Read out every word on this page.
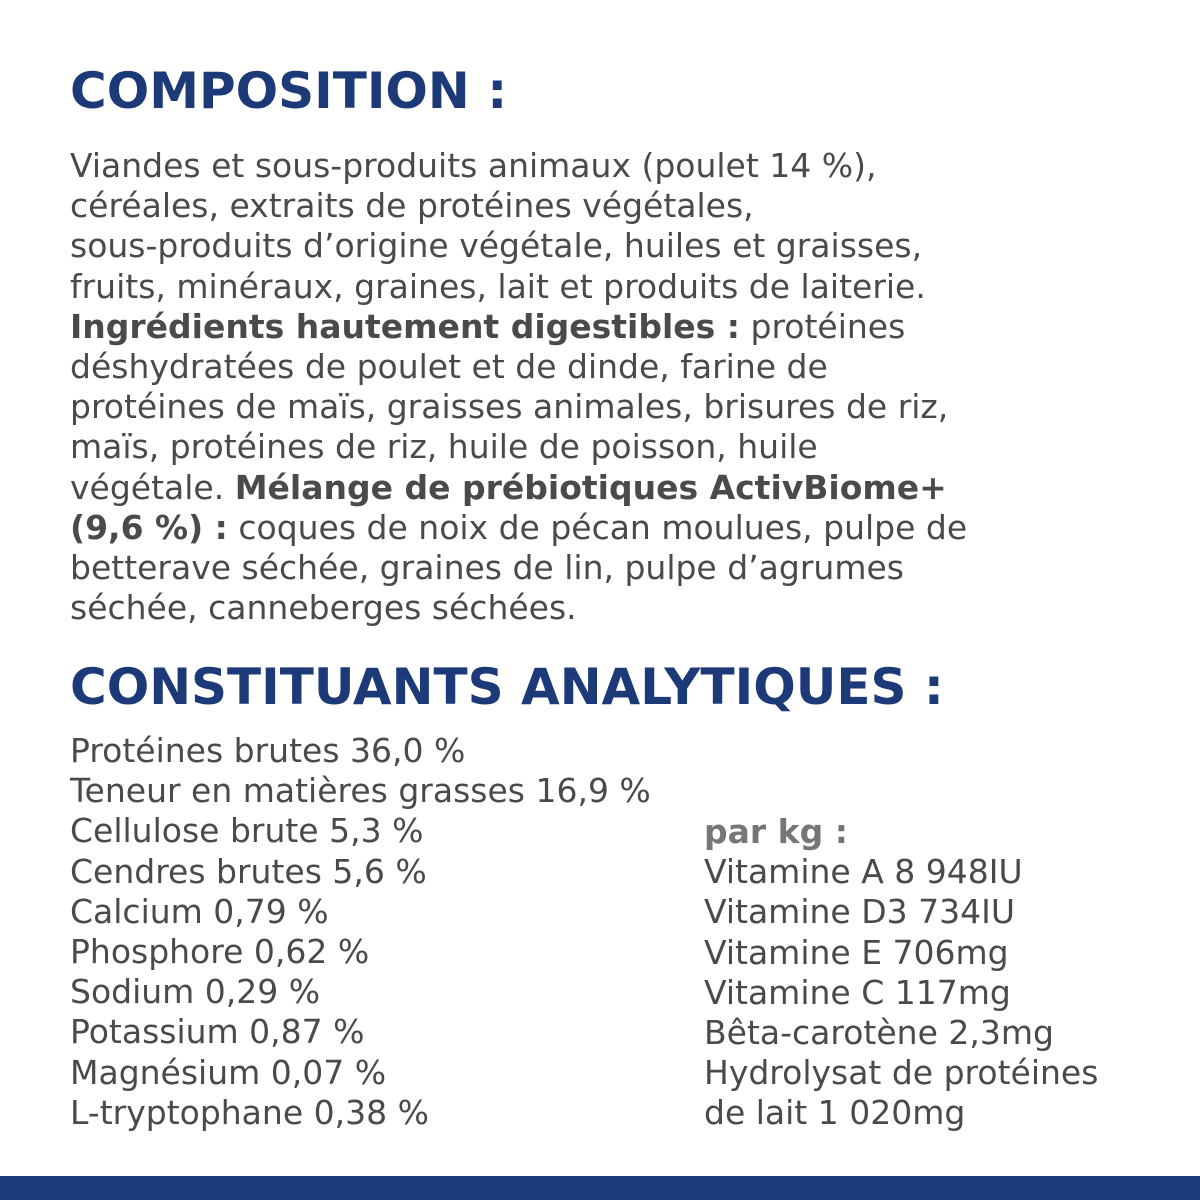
COMPOSITION :

Viandes et sous-produits animaux (poulet 14 %),
céréales, extraits de protéines végétales,
sous-produits d’origine végétale, huiles et graisses,
fruits, minéraux, graines, lait et produits de laiterie.
Ingrédients hautement digestibles : protéines
déshydratées de poulet et de dinde, farine de
protéines de maïs, graisses animales, brisures de riz,
maïs, protéines de riz, huile de poisson, huile
végétale. Mélange de prébiotiques ActivBiome+
(9,6 %) : coques de noix de pécan moulues, pulpe de
betterave séchée, graines de lin, pulpe d’agrumes
séchée, canneberges séchées.

CONSTITUANTS ANALYTIQUES :
Protéines brutes 36,0 %
Teneur en matières grasses 16,9 %
Cellulose brute 5,3 %
Cendres brutes 5,6 %
Calcium 0,79 %
Phosphore 0,62 %
Sodium 0,29 %
Potassium 0,87 %
Magnésium 0,07 %
L-tryptophane 0,38 %
par kg :
Vitamine A 8 948IU
Vitamine D3 734IU
Vitamine E 706mg
Vitamine C 117mg
Bêta-carotène 2,3mg
Hydrolysat de protéines
de lait 1 020mg
